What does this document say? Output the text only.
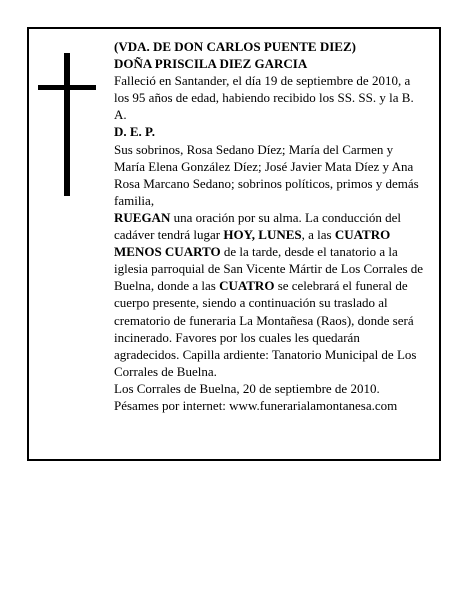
(VDA. DE DON CARLOS PUENTE DIEZ)

DOÑA PRISCILA DIEZ GARCIA

Falleció en Santander, el día 19 de septiembre de 2010, a los 95 años de edad, habiendo recibido los SS. SS. y la B. A.

D. E. P.

Sus sobrinos, Rosa Sedano Díez; María del Carmen y María Elena González Díez; José Javier Mata Díez y Ana Rosa Marcano Sedano; sobrinos políticos, primos y demás familia,

RUEGAN una oración por su alma. La conducción del cadáver tendrá lugar HOY, LUNES, a las CUATRO MENOS CUARTO de la tarde, desde el tanatorio a la iglesia parroquial de San Vicente Mártir de Los Corrales de Buelna, donde a las CUATRO se celebrará el funeral de cuerpo presente, siendo a continuación su traslado al crematorio de funeraria La Montañesa (Raos), donde será incinerado. Favores por los cuales les quedarán agradecidos. Capilla ardiente: Tanatorio Municipal de Los Corrales de Buelna.

Los Corrales de Buelna, 20 de septiembre de 2010.

Pésames por internet: www.funerarialamontanesa.com
